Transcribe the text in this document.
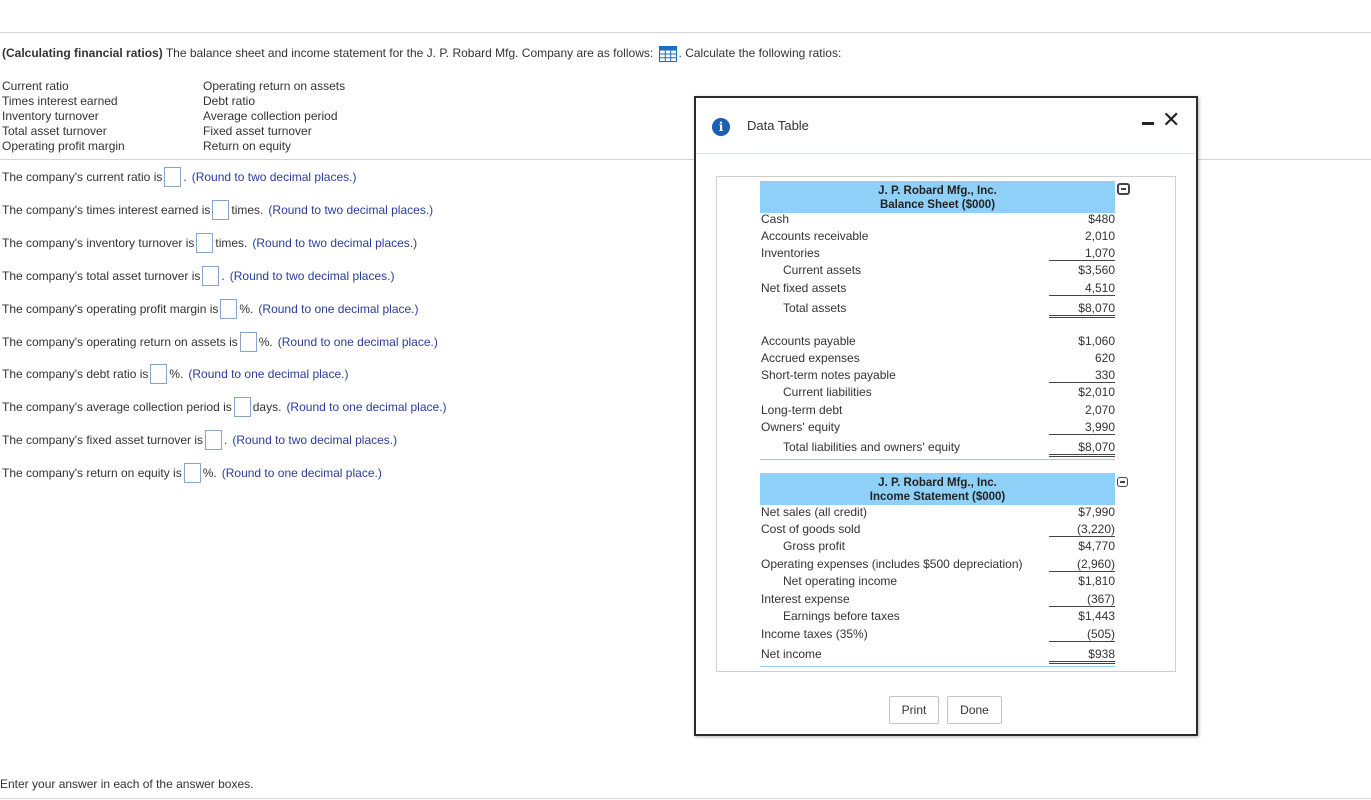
(Calculating financial ratios) The balance sheet and income statement for the J. P. Robard Mfg. Company are as follows: . Calculate the following ratios:
Current ratio
Times interest earned
Inventory turnover
Total asset turnover
Operating profit margin
Operating return on assets
Debt ratio
Average collection period
Fixed asset turnover
Return on equity
The company's current ratio is . (Round to two decimal places.)
The company's times interest earned is times. (Round to two decimal places.)
The company's inventory turnover is times. (Round to two decimal places.)
The company's total asset turnover is . (Round to two decimal places.)
The company's operating profit margin is %. (Round to one decimal place.)
The company's operating return on assets is %. (Round to one decimal place.)
The company's debt ratio is %. (Round to one decimal place.)
The company's average collection period is days. (Round to one decimal place.)
The company's fixed asset turnover is . (Round to two decimal places.)
The company's return on equity is %. (Round to one decimal place.)
Enter your answer in each of the answer boxes.
i	Data Table	✕
J. P. Robard Mfg., Inc.
Balance Sheet ($000)
Cash	$480
Accounts receivable	2,010
Inventories	1,070
Current assets	$3,560
Net fixed assets	4,510
Total assets	$8,070
Accounts payable	$1,060
Accrued expenses	620
Short-term notes payable	330
Current liabilities	$2,010
Long-term debt	2,070
Owners' equity	3,990
Total liabilities and owners' equity	$8,070
J. P. Robard Mfg., Inc.
Income Statement ($000)
Net sales (all credit)	$7,990
Cost of goods sold	(3,220)
Gross profit	$4,770
Operating expenses (includes $500 depreciation)	(2,960)
Net operating income	$1,810
Interest expense	(367)
Earnings before taxes	$1,443
Income taxes (35%)	(505)
Net income	$938
Print	Done
